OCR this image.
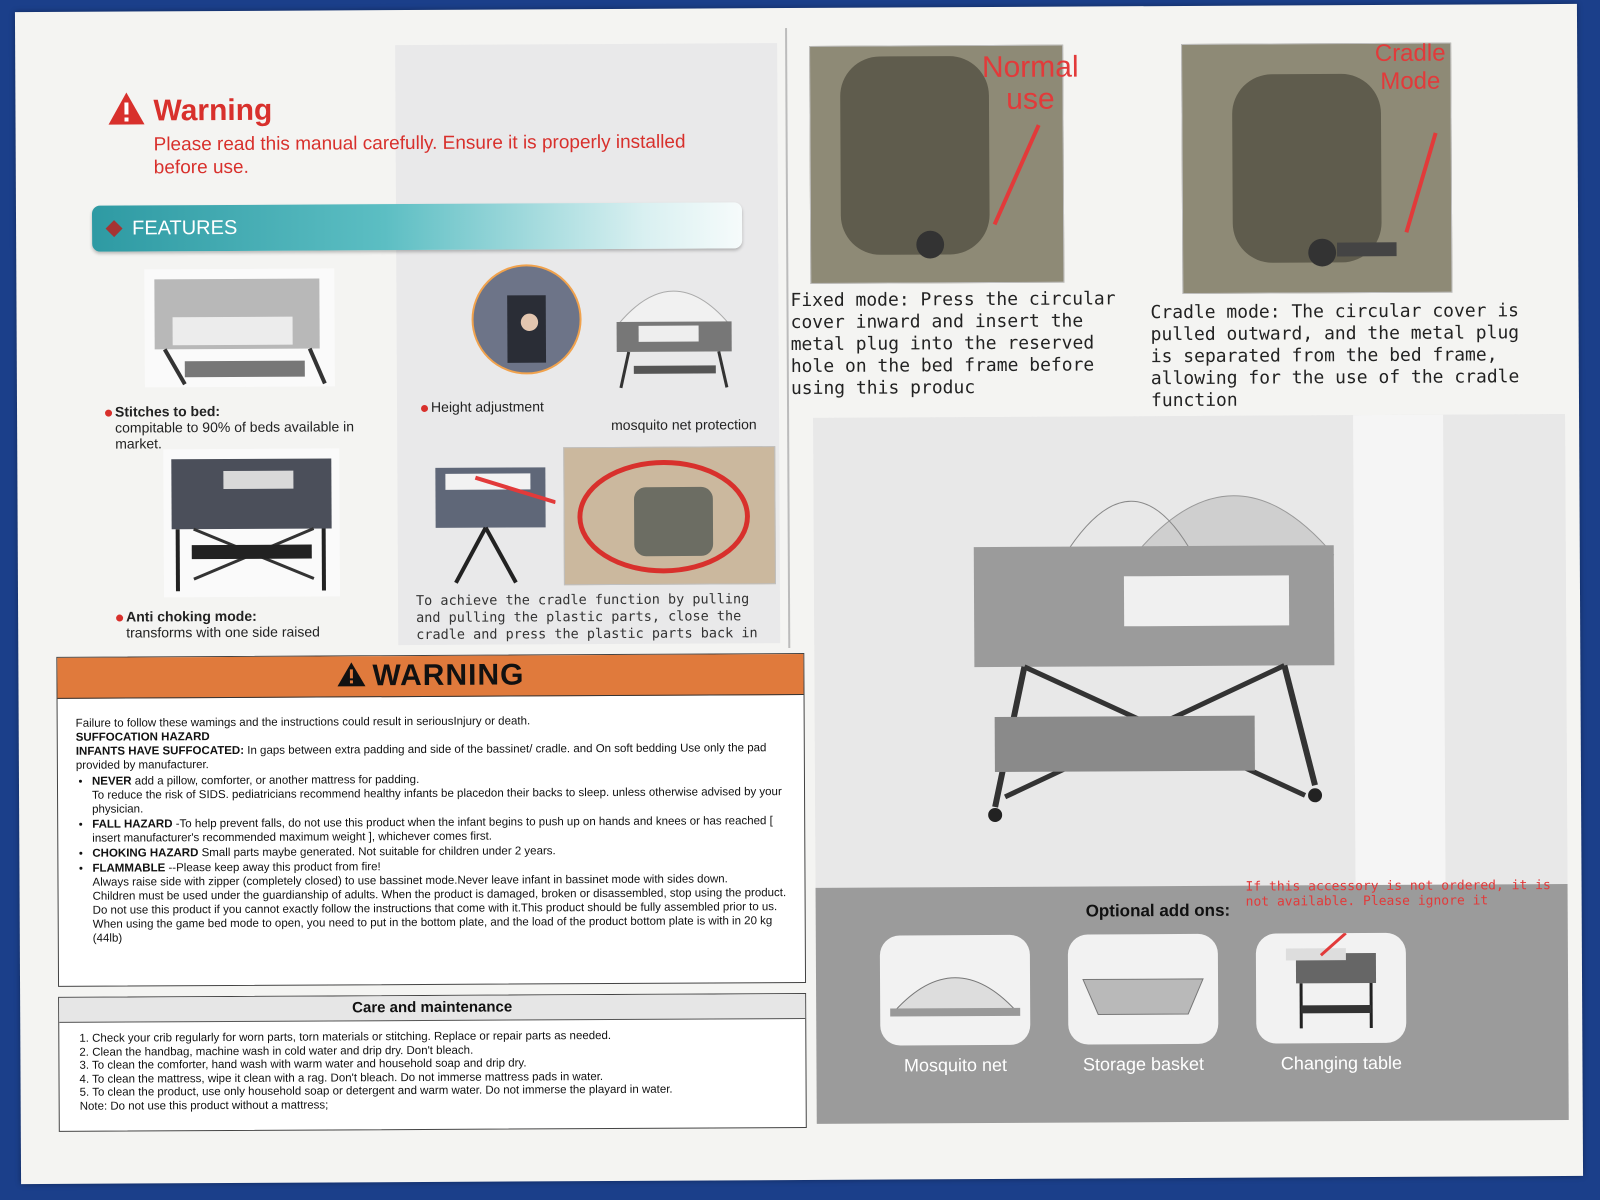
Warning
Please read this manual carefully. Ensure it is properly installed before use.
FEATURES
Stitches to bed:
compitable to 90% of beds available in market.
Anti choking mode:
transforms with one side raised
Height adjustment
mosquito net protection
To achieve the cradle function by pulling and pulling the plastic parts, close the cradle and press the plastic parts back in
WARNING

Failure to follow these wamings and the instructions could result in seriousInjury or death.

SUFFOCATION HAZARD

INFANTS HAVE SUFFOCATED: In gaps between extra padding and side of the bassinet/ cradle. and On soft bedding Use only the pad provided by manufacturer.

• NEVER add a pillow, comforter, or another mattress for padding.
To reduce the risk of SIDS. pediatricians recommend healthy infants be placedon their backs to sleep. unless otherwise advised by your physician.
• FALL HAZARD -To help prevent falls, do not use this product when the infant begins to push up on hands and knees or has reached [ insert manufacturer's recommended maximum weight ], whichever comes first.
• CHOKING HAZARD Small parts maybe generated. Not suitable for children under 2 years.
• FLAMMABLE --Please keep away this product from fire!
Always raise side with zipper (completely closed) to use bassinet mode.Never leave infant in bassinet mode with sides down.
Children must be used under the guardianship of adults. When the product is damaged, broken or disassembled, stop using the product.
Do not use this product if you cannot exactly follow the instructions that come with it.This product should be fully assembled prior to us.
When using the game bed mode to open, you need to put in the bottom plate, and the load of the product bottom plate is with in 20 kg (44lb)
Care and maintenance
1. Check your crib regularly for worn parts, torn materials or stitching. Replace or repair parts as needed.
2. Clean the handbag, machine wash in cold water and drip dry. Don't bleach.
3. To clean the comforter, hand wash with warm water and household soap and drip dry.
4. To clean the mattress, wipe it clean with a rag. Don't bleach. Do not immerse mattress pads in water.
5. To clean the product, use only household soap or detergent and warm water. Do not immerse the playard in water.
Note: Do not use this product without a mattress;
Normal use
Cradle Mode
Fixed mode: Press the circular cover inward and insert the metal plug into the reserved hole on the bed frame before using this produc
Cradle mode: The circular cover is pulled outward, and the metal plug is separated from the bed frame, allowing for the use of the cradle function
Optional add ons:
If this accessory is not ordered, it is not available. Please ignore it
Mosquito net	Storage basket	Changing table
